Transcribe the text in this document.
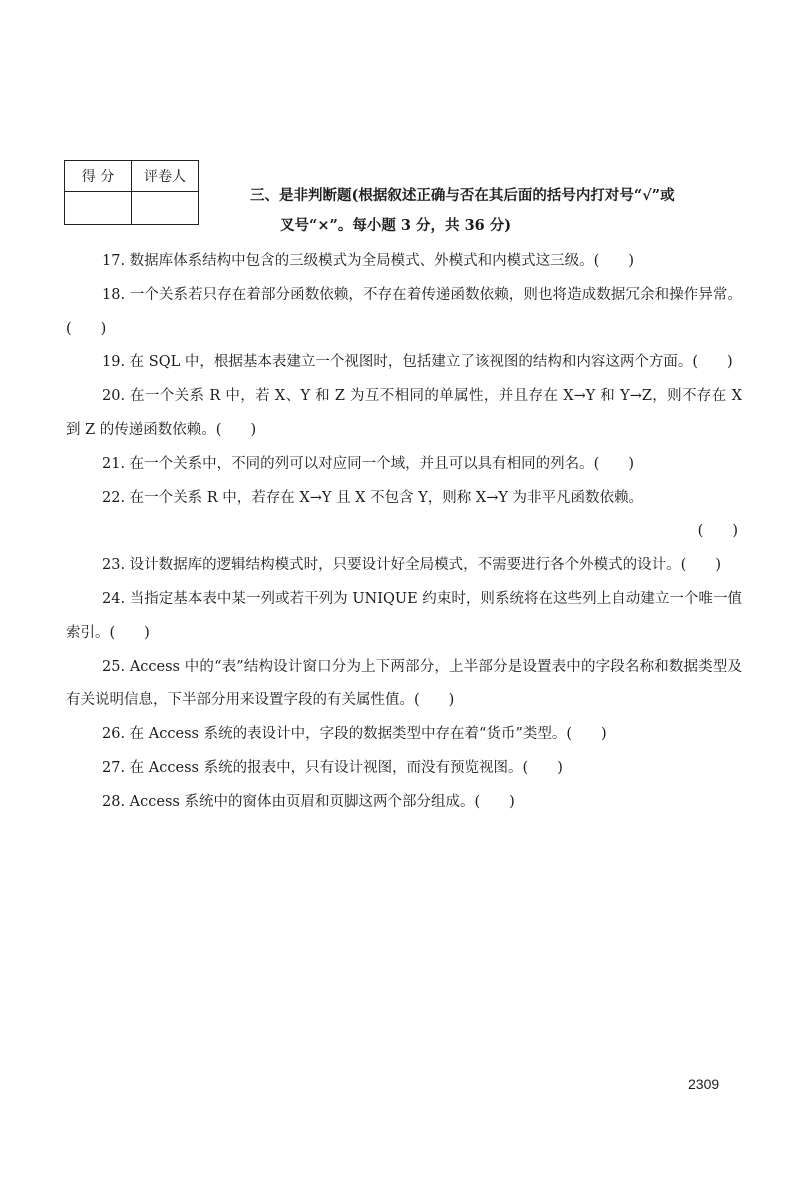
得 分	评卷人

三、是非判断题(根据叙述正确与否在其后面的括号内打对号“√”或
叉号“×”。每小题 3 分，共 36 分)

17. 数据库体系结构中包含的三级模式为全局模式、外模式和内模式这三级。(　　)

18. 一个关系若只存在着部分函数依赖，不存在着传递函数依赖，则也将造成数据冗余和操作异常。(　　)

19. 在 SQL 中，根据基本表建立一个视图时，包括建立了该视图的结构和内容这两个方面。(　　)

20. 在一个关系 R 中，若 X、Y 和 Z 为互不相同的单属性，并且存在 X→Y 和 Y→Z，则不存在 X 到 Z 的传递函数依赖。(　　)

21. 在一个关系中，不同的列可以对应同一个域，并且可以具有相同的列名。(　　)

22. 在一个关系 R 中，若存在 X→Y 且 X 不包含 Y，则称 X→Y 为非平凡函数依赖。

(　　)

23. 设计数据库的逻辑结构模式时，只要设计好全局模式，不需要进行各个外模式的设计。(　　)

24. 当指定基本表中某一列或若干列为 UNIQUE 约束时，则系统将在这些列上自动建立一个唯一值索引。(　　)

25. Access 中的“表”结构设计窗口分为上下两部分，上半部分是设置表中的字段名称和数据类型及有关说明信息，下半部分用来设置字段的有关属性值。(　　)

26. 在 Access 系统的表设计中，字段的数据类型中存在着“货币”类型。(　　)

27. 在 Access 系统的报表中，只有设计视图，而没有预览视图。(　　)

28. Access 系统中的窗体由页眉和页脚这两个部分组成。(　　)

2309
